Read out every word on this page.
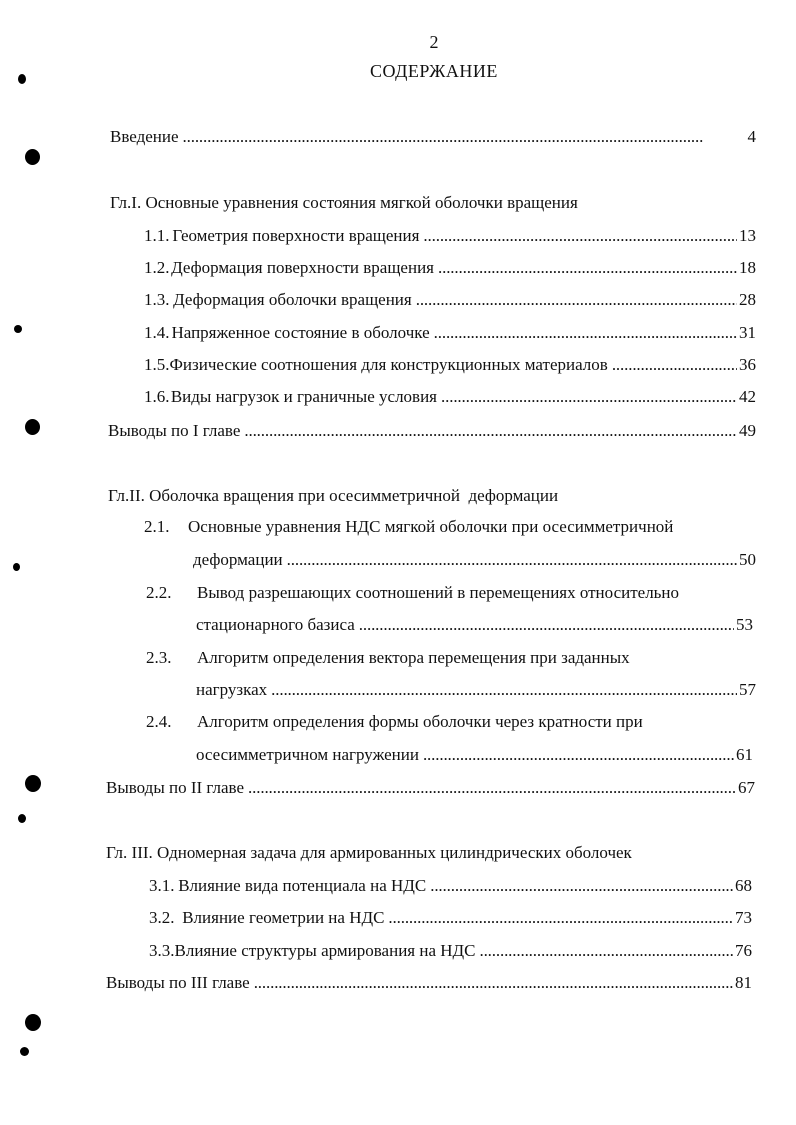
2
СОДЕРЖАНИЕ
Введение . . .	4
Гл.I. Основные уравнения состояния мягкой оболочки вращения
1.1. Геометрия поверхности вращения . . .	13
1.2. Деформация поверхности вращения . . .	18
1.3. Деформация оболочки вращения . . .	28
1.4. Напряженное состояние в оболочке . . .	31
1.5. Физические соотношения для конструкционных материалов . . .	36
1.6. Виды нагрузок и граничные условия . . .	42
Выводы по I главе . . .	49
Гл.II. Оболочка вращения при осесимметричной  деформации
2.1. Основные уравнения НДС мягкой оболочки при осесимметричной
деформации . . .	50
2.2. Вывод разрешающих соотношений в перемещениях относительно
стационарного базиса . . .	53
2.3. Алгоритм определения вектора перемещения при заданных
нагрузках . . .	57
2.4. Алгоритм определения формы оболочки через кратности при
осесимметричном нагружении . . .	61
Выводы по II главе . . .	67
Гл. III. Одномерная задача для армированных цилиндрических оболочек
3.1. Влияние вида потенциала на НДС . . .	68
3.2. Влияние геометрии на НДС . . .	73
3.3. Влияние структуры армирования на НДС . . .	76
Выводы по III главе . . .	81
